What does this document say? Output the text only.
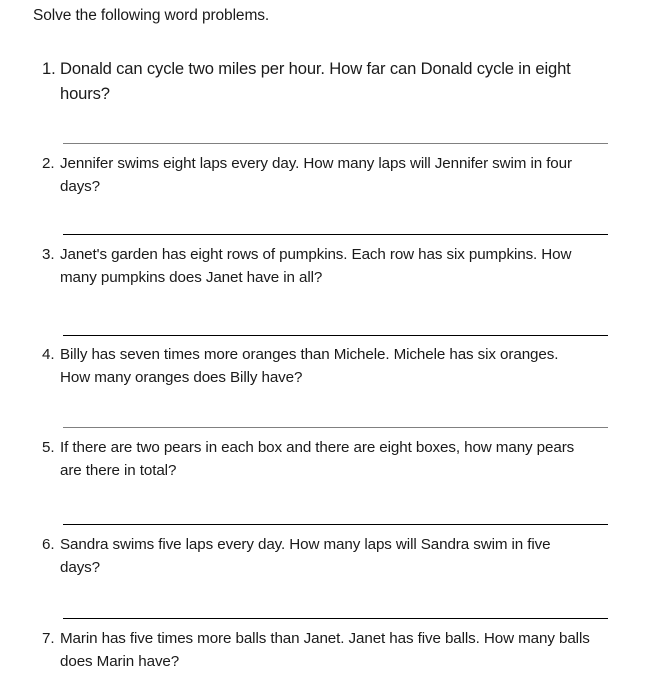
Solve the following word problems.
1. Donald can cycle two miles per hour. How far can Donald cycle in eight hours?
2. Jennifer swims eight laps every day. How many laps will Jennifer swim in four days?
3. Janet's garden has eight rows of pumpkins. Each row has six pumpkins. How many pumpkins does Janet have in all?
4. Billy has seven times more oranges than Michele. Michele has six oranges. How many oranges does Billy have?
5. If there are two pears in each box and there are eight boxes, how many pears are there in total?
6. Sandra swims five laps every day. How many laps will Sandra swim in five days?
7. Marin has five times more balls than Janet. Janet has five balls. How many balls does Marin have?
